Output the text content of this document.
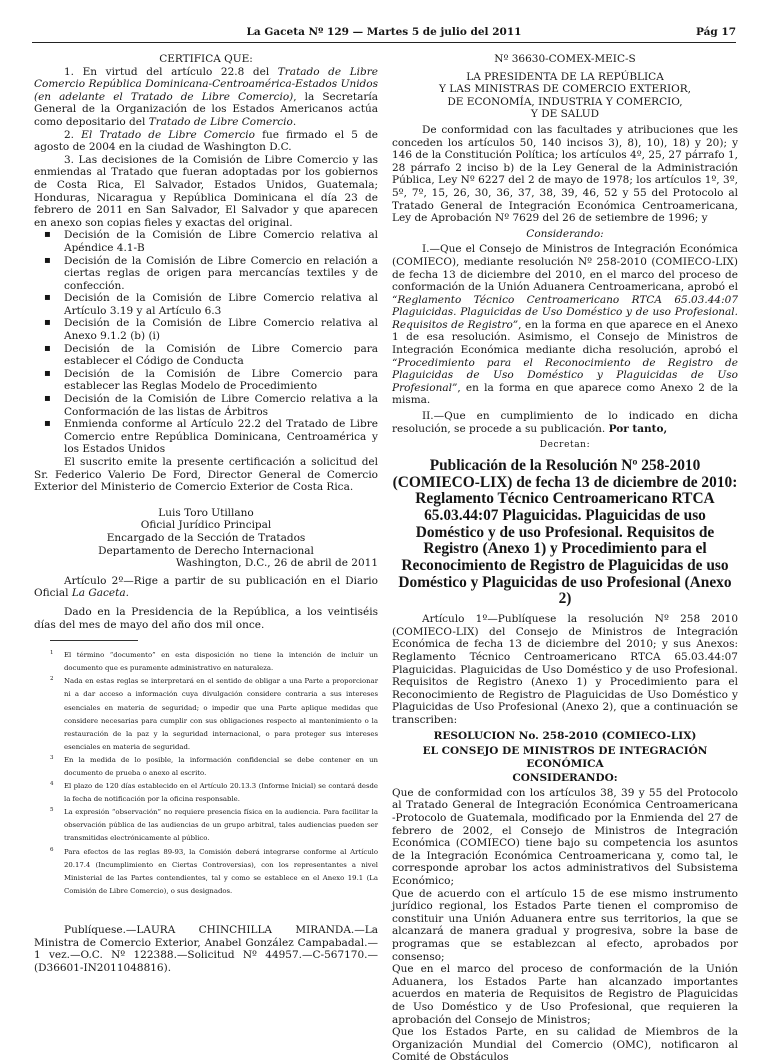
La Gaceta Nº 129 — Martes 5 de julio del 2011	Pág 17

CERTIFICA QUE:

1. En virtud del artículo 22.8 del Tratado de Libre Comercio República Dominicana-Centroamérica-Estados Unidos (en adelante el Tratado de Libre Comercio), la Secretaría General de la Organización de los Estados Americanos actúa como depositario del Tratado de Libre Comercio.

2. El Tratado de Libre Comercio fue firmado el 5 de agosto de 2004 en la ciudad de Washington D.C.

3. Las decisiones de la Comisión de Libre Comercio y las enmiendas al Tratado que fueran adoptadas por los gobiernos de Costa Rica, El Salvador, Estados Unidos, Guatemala; Honduras, Nicaragua y República Dominicana el día 23 de febrero de 2011 en San Salvador, El Salvador y que aparecen en anexo son copias fieles y exactas del original.

▪ Decisión de la Comisión de Libre Comercio relativa al Apéndice 4.1-B
▪ Decisión de la Comisión de Libre Comercio en relación a ciertas reglas de origen para mercancías textiles y de confección.
▪ Decisión de la Comisión de Libre Comercio relativa al Artículo 3.19 y al Artículo 6.3
▪ Decisión de la Comisión de Libre Comercio relativa al Anexo 9.1.2 (b) (i)
▪ Decisión de la Comisión de Libre Comercio para establecer el Código de Conducta
▪ Decisión de la Comisión de Libre Comercio para establecer las Reglas Modelo de Procedimiento
▪ Decisión de la Comisión de Libre Comercio relativa a la Conformación de las listas de Árbitros
▪ Enmienda conforme al Artículo 22.2 del Tratado de Libre Comercio entre República Dominicana, Centroamérica y los Estados Unidos

El suscrito emite la presente certificación a solicitud del Sr. Federico Valerio De Ford, Director General de Comercio Exterior del Ministerio de Comercio Exterior de Costa Rica.

Luis Toro Utillano

Oficial Jurídico Principal

Encargado de la Sección de Tratados

Departamento de Derecho Internacional

Washington, D.C., 26 de abril de 2011

Artículo 2º—Rige a partir de su publicación en el Diario Oficial La Gaceta.

Dado en la Presidencia de la República, a los veintiséis días del mes de mayo del año dos mil once.

1 El término “documento” en esta disposición no tiene la intención de incluir un documento que es puramente administrativo en naturaleza.

2 Nada en estas reglas se interpretará en el sentido de obligar a una Parte a proporcionar ni a dar acceso a información cuya divulgación considere contraria a sus intereses esenciales en materia de seguridad; o impedir que una Parte aplique medidas que considere necesarias para cumplir con sus obligaciones respecto al mantenimiento o la restauración de la paz y la seguridad internacional, o para proteger sus intereses esenciales en materia de seguridad.

3 En la medida de lo posible, la información confidencial se debe contener en un documento de prueba o anexo al escrito.

4 El plazo de 120 días establecido en el Artículo 20.13.3 (Informe Inicial) se contará desde la fecha de notificación por la oficina responsable.

5 La expresión “observación” no requiere presencia física en la audiencia. Para facilitar la observación pública de las audiencias de un grupo arbitral, tales audiencias pueden ser transmitidas electrónicamente al público.

6 Para efectos de las reglas 89-93, la Comisión deberá integrarse conforme al Artículo 20.17.4 (Incumplimiento en Ciertas Controversias), con los representantes a nivel Ministerial de las Partes contendientes, tal y como se establece en el Anexo 19.1 (La Comisión de Libre Comercio), o sus designados.

Publíquese.—LAURA CHINCHILLA MIRANDA.—La Ministra de Comercio Exterior, Anabel González Campabadal.—1 vez.—O.C. Nº 122388.—Solicitud Nº 44957.—C-567170.—(D36601-IN2011048816).

Nº 36630-COMEX-MEIC-S

LA PRESIDENTA DE LA REPÚBLICA

Y LAS MINISTRAS DE COMERCIO EXTERIOR,

DE ECONOMÍA, INDUSTRIA Y COMERCIO,

Y DE SALUD

De conformidad con las facultades y atribuciones que les conceden los artículos 50, 140 incisos 3), 8), 10), 18) y 20); y 146 de la Constitución Política; los artículos 4º, 25, 27 párrafo 1, 28 párrafo 2 inciso b) de la Ley General de la Administración Pública, Ley Nº 6227 del 2 de mayo de 1978; los artículos 1º, 3º, 5º, 7º, 15, 26, 30, 36, 37, 38, 39, 46, 52 y 55 del Protocolo al Tratado General de Integración Económica Centroamericana, Ley de Aprobación Nº 7629 del 26 de setiembre de 1996; y

Considerando:

I.—Que el Consejo de Ministros de Integración Económica (COMIECO), mediante resolución Nº 258-2010 (COMIECO-LIX) de fecha 13 de diciembre del 2010, en el marco del proceso de conformación de la Unión Aduanera Centroamericana, aprobó el “Reglamento Técnico Centroamericano RTCA 65.03.44:07 Plaguicidas. Plaguicidas de Uso Doméstico y de uso Profesional. Requisitos de Registro”, en la forma en que aparece en el Anexo 1 de esa resolución. Asimismo, el Consejo de Ministros de Integración Económica mediante dicha resolución, aprobó el “Procedimiento para el Reconocimiento de Registro de Plaguicidas de Uso Doméstico y Plaguicidas de Uso Profesional”, en la forma en que aparece como Anexo 2 de la misma.

II.—Que en cumplimiento de lo indicado en dicha resolución, se procede a su publicación. Por tanto,

Decretan:

Publicación de la Resolución Nº 258-2010 (COMIECO-LIX) de fecha 13 de diciembre de 2010: Reglamento Técnico Centroamericano RTCA 65.03.44:07 Plaguicidas. Plaguicidas de uso Doméstico y de uso Profesional. Requisitos de Registro (Anexo 1) y Procedimiento para el Reconocimiento de Registro de Plaguicidas de uso Doméstico y Plaguicidas de uso Profesional (Anexo 2)

Artículo 1º—Publíquese la resolución Nº 258 2010 (COMIECO-LIX) del Consejo de Ministros de Integración Económica de fecha 13 de diciembre del 2010; y sus Anexos: Reglamento Técnico Centroamericano RTCA 65.03.44:07 Plaguicidas. Plaguicidas de Uso Doméstico y de uso Profesional. Requisitos de Registro (Anexo 1) y Procedimiento para el Reconocimiento de Registro de Plaguicidas de Uso Doméstico y Plaguicidas de Uso Profesional (Anexo 2), que a continuación se transcriben:

RESOLUCION No. 258-2010 (COMIECO-LIX)

EL CONSEJO DE MINISTROS DE INTEGRACIÓN ECONÓMICA

CONSIDERANDO:

Que de conformidad con los artículos 38, 39 y 55 del Protocolo al Tratado General de Integración Económica Centroamericana -Protocolo de Guatemala, modificado por la Enmienda del 27 de febrero de 2002, el Consejo de Ministros de Integración Económica (COMIECO) tiene bajo su competencia los asuntos de la Integración Económica Centroamericana y, como tal, le corresponde aprobar los actos administrativos del Subsistema Económico;

Que de acuerdo con el artículo 15 de ese mismo instrumento jurídico regional, los Estados Parte tienen el compromiso de constituir una Unión Aduanera entre sus territorios, la que se alcanzará de manera gradual y progresiva, sobre la base de programas que se establezcan al efecto, aprobados por consenso;

Que en el marco del proceso de conformación de la Unión Aduanera, los Estados Parte han alcanzado importantes acuerdos en materia de Requisitos de Registro de Plaguicidas de Uso Doméstico y de Uso Profesional, que requieren la aprobación del Consejo de Ministros;

Que los Estados Parte, en su calidad de Miembros de la Organización Mundial del Comercio (OMC), notificaron al Comité de Obstáculos
